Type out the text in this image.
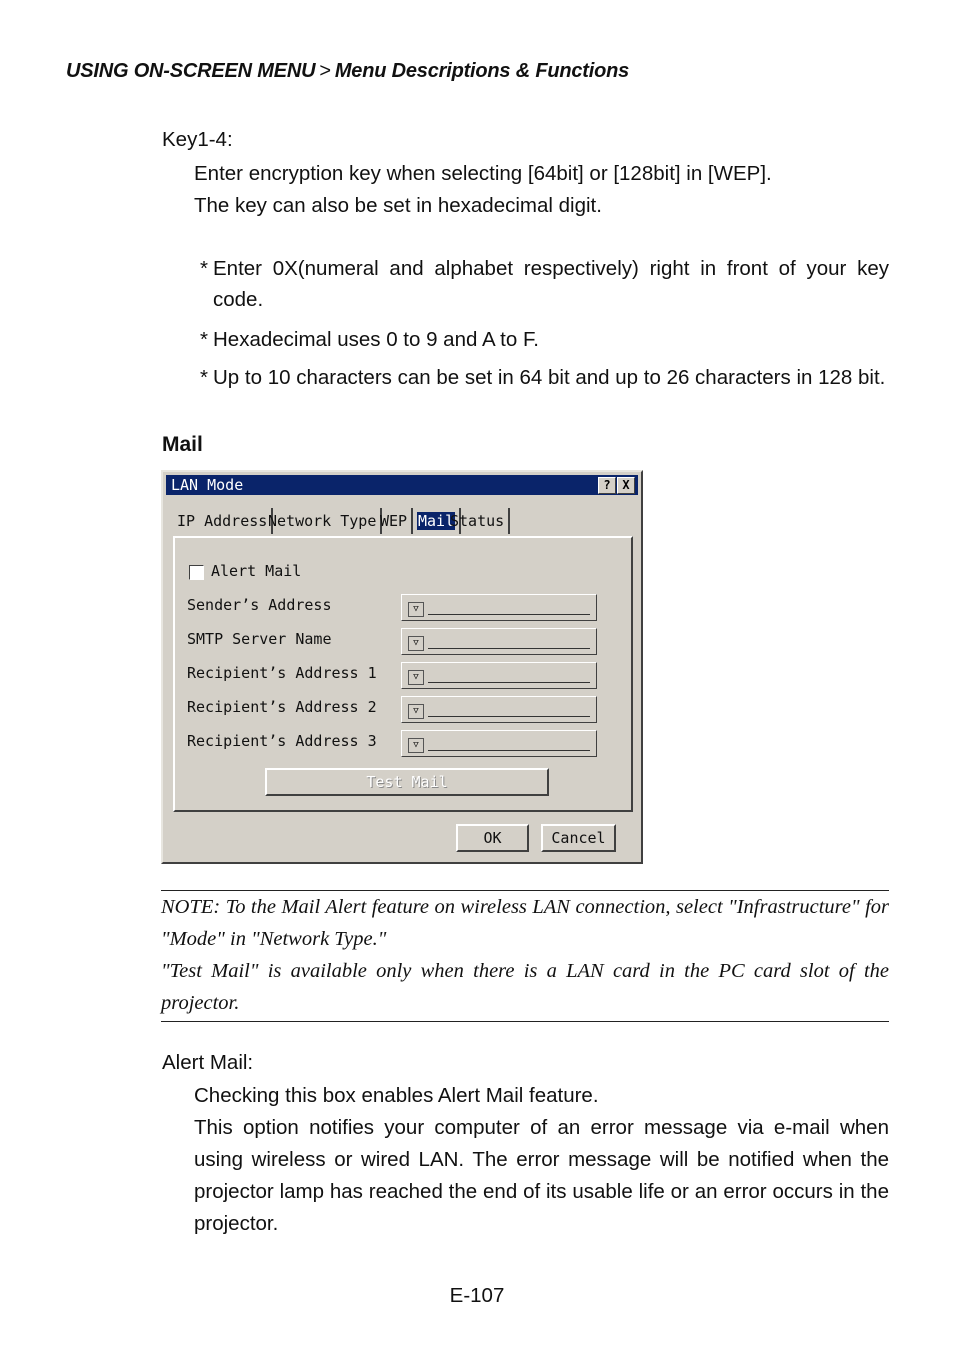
USING ON-SCREEN MENU > Menu Descriptions & Functions
Key1-4:
Enter encryption key when selecting [64bit] or [128bit] in [WEP].
The key can also be set in hexadecimal digit.
* Enter 0X(numeral and alphabet respectively) right in front of your key code.
* Hexadecimal uses 0 to 9 and A to F.
* Up to 10 characters can be set in 64 bit and up to 26 characters in 128 bit.
Mail
LAN Mode	? X
IP Address Network Type WEP Mail
Status
Alert Mail
Sender’s Address	▽
SMTP Server Name	▽
Recipient’s Address 1	▽
Recipient’s Address 2	▽
Recipient’s Address 3	▽
Test Mail
OK	Cancel

NOTE: To the Mail Alert feature on wireless LAN connection, select "Infrastructure" for "Mode" in "Network Type."

"Test Mail" is available only when there is a LAN card in the PC card slot of the projector.

Alert Mail:
Checking this box enables Alert Mail feature.
This option notifies your computer of an error message via e-mail when using wireless or wired LAN. The error message will be notified when the projector lamp has reached the end of its usable life or an error occurs in the projector.
E-107
